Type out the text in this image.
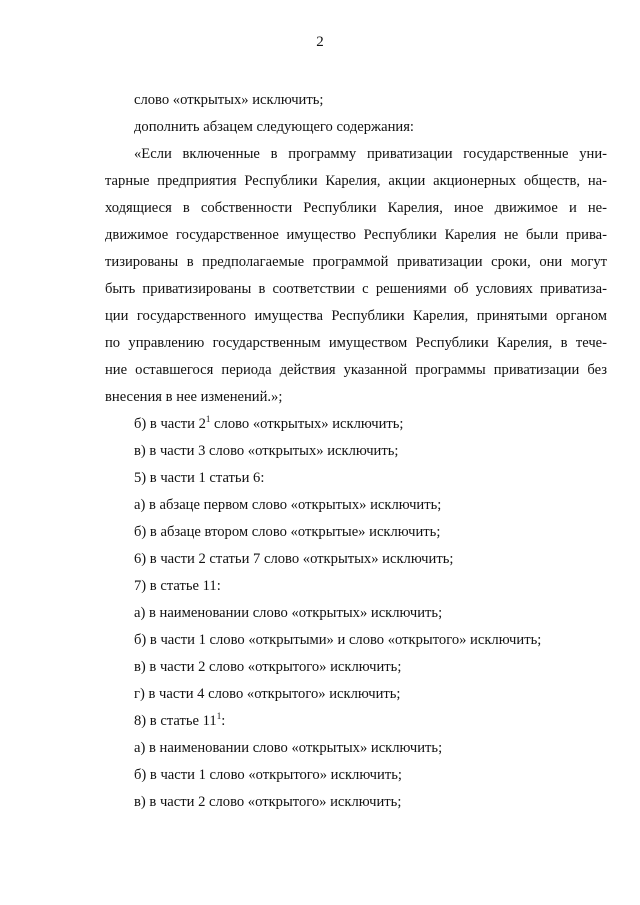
2
слово «открытых» исключить;
дополнить абзацем следующего содержания:
«Если включенные в программу приватизации государственные уни-
тарные предприятия Республики Карелия, акции акционерных обществ, на-
ходящиеся в собственности Республики Карелия, иное движимое и не-
движимое государственное имущество Республики Карелия не были прива-
тизированы в предполагаемые программой приватизации сроки, они могут
быть приватизированы в соответствии с решениями об условиях приватиза-
ции государственного имущества Республики Карелия, принятыми органом
по управлению государственным имуществом Республики Карелия, в тече-
ние оставшегося периода действия указанной программы приватизации без
внесения в нее изменений.»;
б) в части $2^1$ слово «открытых» исключить;
в) в части 3 слово «открытых» исключить;
5) в части 1 статьи 6:
а) в абзаце первом слово «открытых» исключить;
б) в абзаце втором слово «открытые» исключить;
6) в части 2 статьи 7 слово «открытых» исключить;
7) в статье 11:
а) в наименовании слово «открытых» исключить;
б) в части 1 слово «открытыми» и слово «открытого» исключить;
в) в части 2 слово «открытого» исключить;
г) в части 4 слово «открытого» исключить;
8) в статье $11^1$:
а) в наименовании слово «открытых» исключить;
б) в части 1 слово «открытого» исключить;
в) в части 2 слово «открытого» исключить;
